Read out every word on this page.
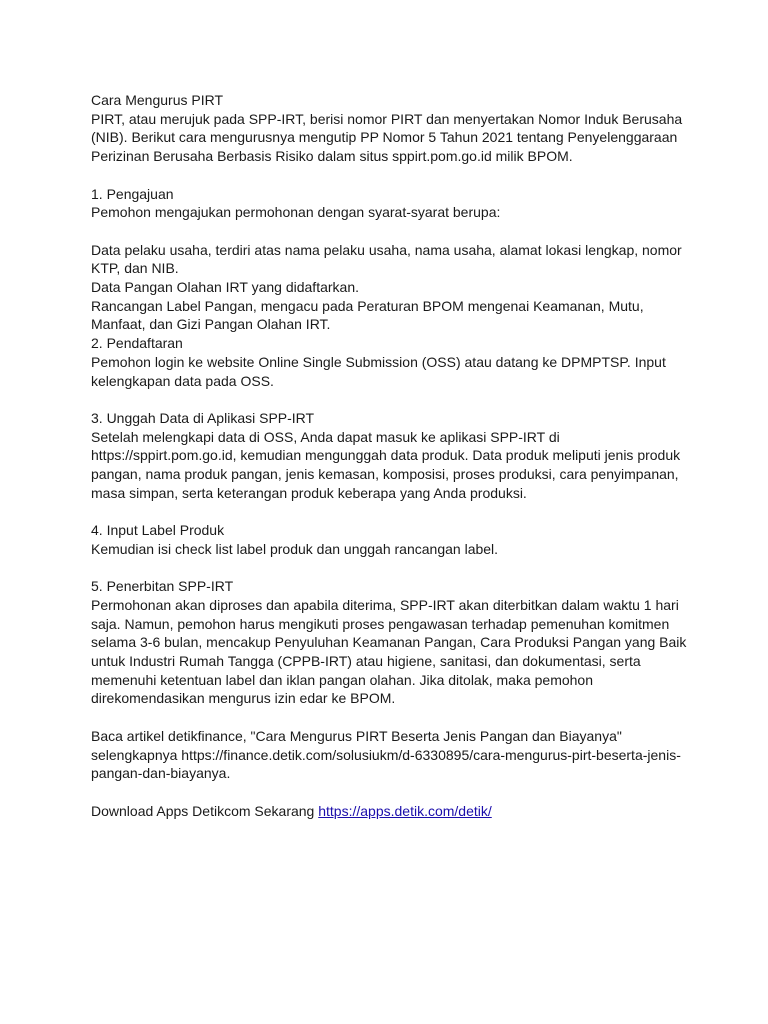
Cara Mengurus PIRT

PIRT, atau merujuk pada SPP-IRT, berisi nomor PIRT dan menyertakan Nomor Induk Berusaha

(NIB). Berikut cara mengurusnya mengutip PP Nomor 5 Tahun 2021 tentang Penyelenggaraan

Perizinan Berusaha Berbasis Risiko dalam situs sppirt.pom.go.id milik BPOM.

1. Pengajuan

Pemohon mengajukan permohonan dengan syarat-syarat berupa:

Data pelaku usaha, terdiri atas nama pelaku usaha, nama usaha, alamat lokasi lengkap, nomor

KTP, dan NIB.

Data Pangan Olahan IRT yang didaftarkan.

Rancangan Label Pangan, mengacu pada Peraturan BPOM mengenai Keamanan, Mutu,

Manfaat, dan Gizi Pangan Olahan IRT.

2. Pendaftaran

Pemohon login ke website Online Single Submission (OSS) atau datang ke DPMPTSP. Input

kelengkapan data pada OSS.

3. Unggah Data di Aplikasi SPP-IRT

Setelah melengkapi data di OSS, Anda dapat masuk ke aplikasi SPP-IRT di

https://sppirt.pom.go.id, kemudian mengunggah data produk. Data produk meliputi jenis produk

pangan, nama produk pangan, jenis kemasan, komposisi, proses produksi, cara penyimpanan,

masa simpan, serta keterangan produk keberapa yang Anda produksi.

4. Input Label Produk

Kemudian isi check list label produk dan unggah rancangan label.

5. Penerbitan SPP-IRT

Permohonan akan diproses dan apabila diterima, SPP-IRT akan diterbitkan dalam waktu 1 hari

saja. Namun, pemohon harus mengikuti proses pengawasan terhadap pemenuhan komitmen

selama 3-6 bulan, mencakup Penyuluhan Keamanan Pangan, Cara Produksi Pangan yang Baik

untuk Industri Rumah Tangga (CPPB-IRT) atau higiene, sanitasi, dan dokumentasi, serta

memenuhi ketentuan label dan iklan pangan olahan. Jika ditolak, maka pemohon

direkomendasikan mengurus izin edar ke BPOM.

Baca artikel detikfinance, "Cara Mengurus PIRT Beserta Jenis Pangan dan Biayanya"

selengkapnya https://finance.detik.com/solusiukm/d-6330895/cara-mengurus-pirt-beserta-jenis-

pangan-dan-biayanya.

Download Apps Detikcom Sekarang https://apps.detik.com/detik/
